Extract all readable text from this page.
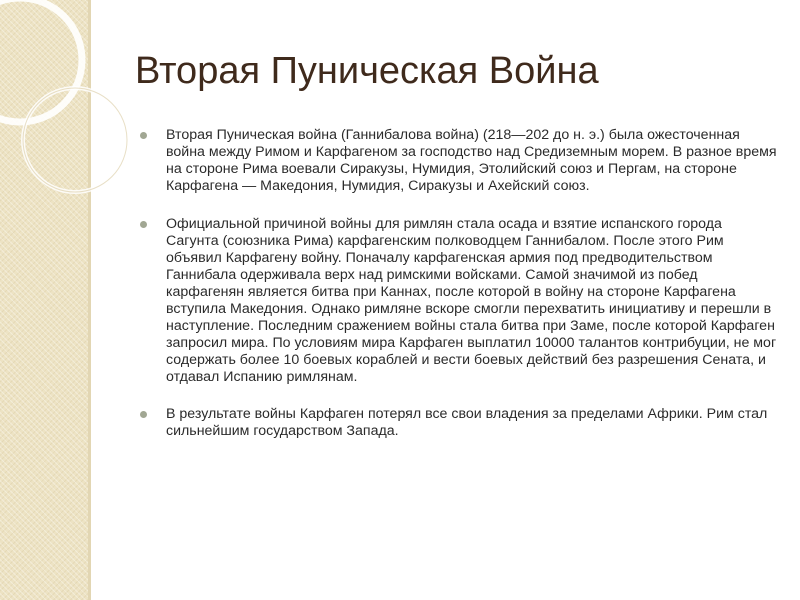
Вторая Пуническая Война
Вторая Пуническая война (Ганнибалова война) (218—202 до н. э.) была ожесточенная война между Римом и Карфагеном за господство над Средиземным морем. В разное время на стороне Рима воевали Сиракузы, Нумидия, Этолийский союз и Пергам, на стороне Карфагена — Македония, Нумидия, Сиракузы и Ахейский союз.
Официальной причиной войны для римлян стала осада и взятие испанского города Сагунта (союзника Рима) карфагенским полководцем Ганнибалом. После этого Рим объявил Карфагену войну. Поначалу карфагенская армия под предводительством Ганнибала одерживала верх над римскими войсками. Самой значимой из побед карфагенян является битва при Каннах, после которой в войну на стороне Карфагена вступила Македония. Однако римляне вскоре смогли перехватить инициативу и перешли в наступление. Последним сражением войны стала битва при Заме, после которой Карфаген запросил мира. По условиям мира Карфаген выплатил 10000 талантов контрибуции, не мог содержать более 10 боевых кораблей и вести боевых действий без разрешения Сената, и отдавал Испанию римлянам.
В результате войны Карфаген потерял все свои владения за пределами Африки. Рим стал сильнейшим государством Запада.
